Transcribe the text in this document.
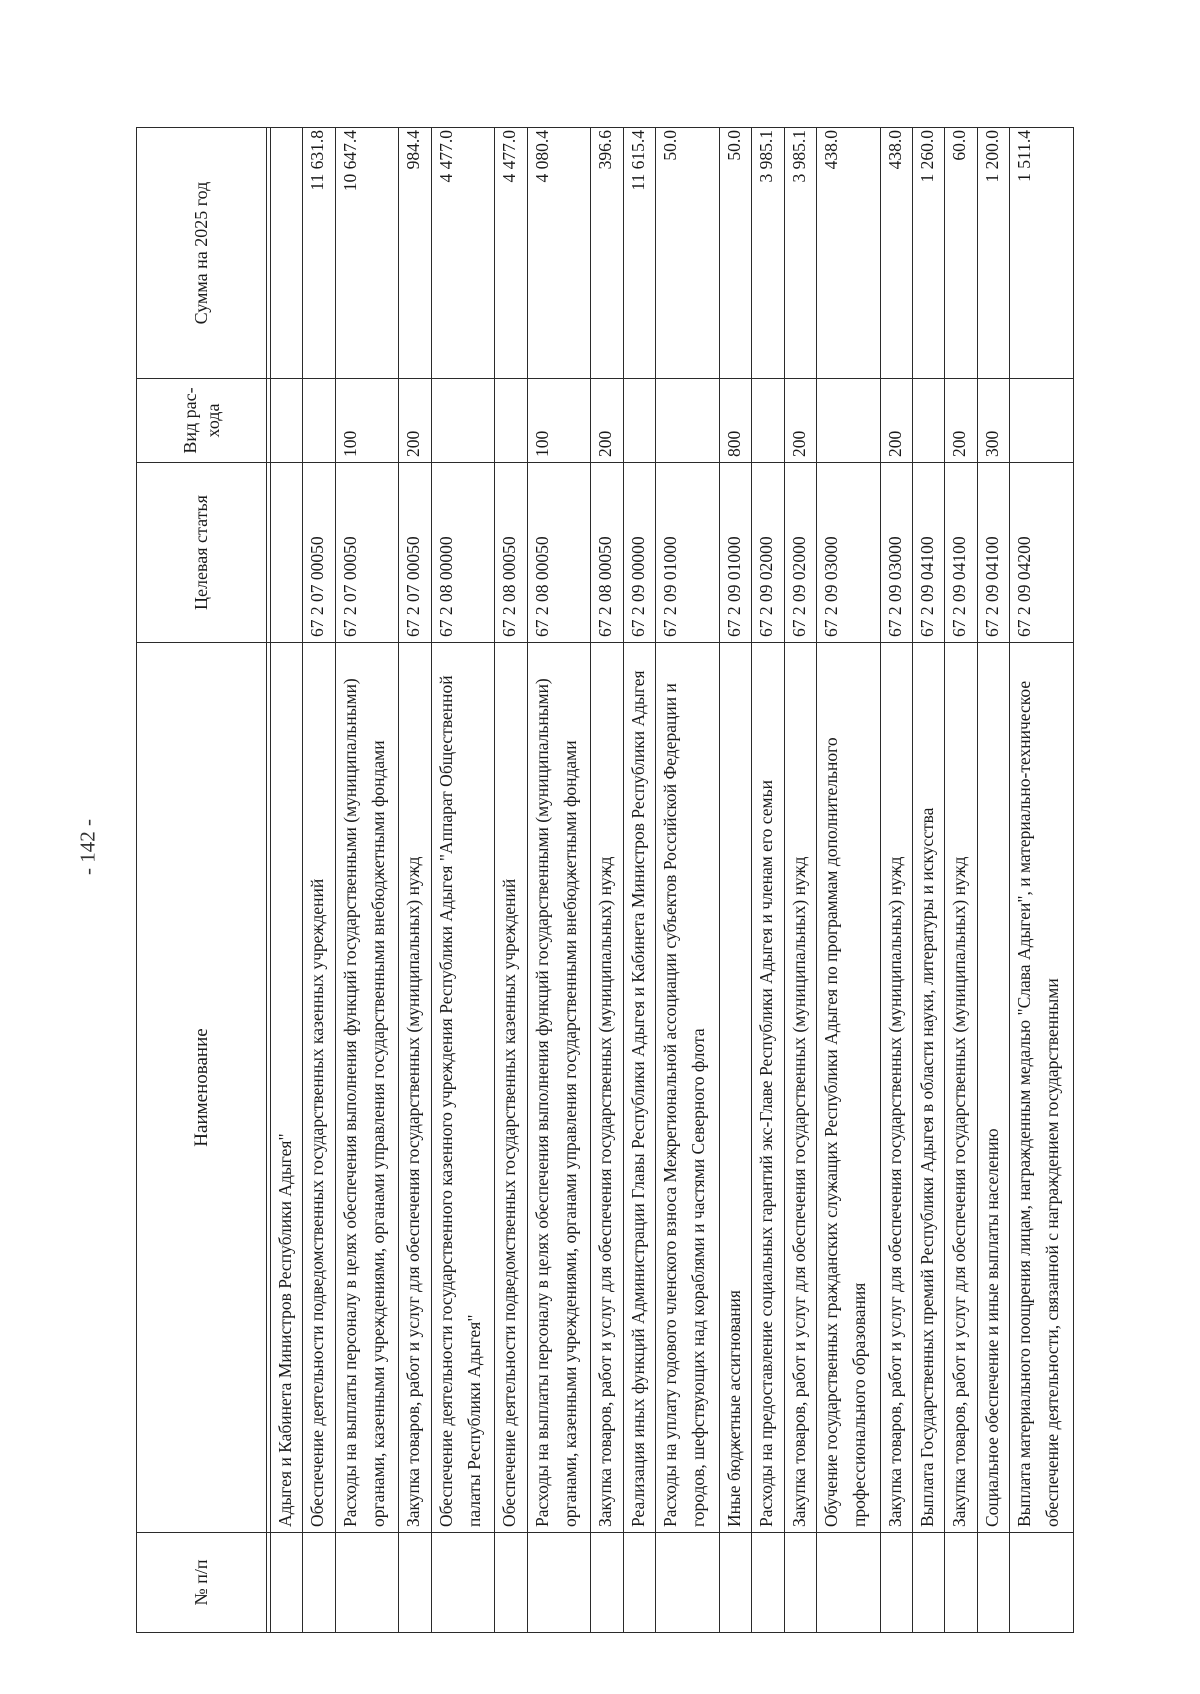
- 142 -
№ п/п	Наименование	Целевая статья	Вид рас-хода	Сумма на 2025 год

	Адыгея и Кабинета Министров Республики Адыгея"			
	Обеспечение деятельности подведомственных государственных казенных учреждений	67 2 07 00050		11 631.8
	Расходы на выплаты персоналу в целях обеспечения выполнения функций государственными (муниципальными) органами, казенными учреждениями, органами управления государственными внебюджетными фондами	67 2 07 00050	100	10 647.4
	Закупка товаров, работ и услуг для обеспечения государственных (муниципальных) нужд	67 2 07 00050	200	984.4
	Обеспечение деятельности государственного казенного учреждения Республики Адыгея "Аппарат Общественной палаты Республики Адыгея"	67 2 08 00000		4 477.0
	Обеспечение деятельности подведомственных государственных казенных учреждений	67 2 08 00050		4 477.0
	Расходы на выплаты персоналу в целях обеспечения выполнения функций государственными (муниципальными) органами, казенными учреждениями, органами управления государственными внебюджетными фондами	67 2 08 00050	100	4 080.4
	Закупка товаров, работ и услуг для обеспечения государственных (муниципальных) нужд	67 2 08 00050	200	396.6
	Реализация иных функций Администрации Главы Республики Адыгея и Кабинета Министров Республики Адыгея	67 2 09 00000		11 615.4
	Расходы на уплату годового членского взноса Межрегиональной ассоциации субъектов Российской Федерации и городов, шефствующих над кораблями и частями Северного флота	67 2 09 01000		50.0
	Иные бюджетные ассигнования	67 2 09 01000	800	50.0
	Расходы на предоставление социальных гарантий экс-Главе Республики Адыгея и членам его семьи	67 2 09 02000		3 985.1
	Закупка товаров, работ и услуг для обеспечения государственных (муниципальных) нужд	67 2 09 02000	200	3 985.1
	Обучение государственных гражданских служащих Республики Адыгея по программам дополнительного профессионального образования	67 2 09 03000		438.0
	Закупка товаров, работ и услуг для обеспечения государственных (муниципальных) нужд	67 2 09 03000	200	438.0
	Выплата Государственных премий Республики Адыгея в области науки, литературы и искусства	67 2 09 04100		1 260.0
	Закупка товаров, работ и услуг для обеспечения государственных (муниципальных) нужд	67 2 09 04100	200	60.0
	Социальное обеспечение и иные выплаты населению	67 2 09 04100	300	1 200.0
	Выплата материального поощрения лицам, награжденным медалью "Слава Адыгеи", и материально-техническое обеспечение деятельности, связанной с награждением государственными	67 2 09 04200		1 511.4
